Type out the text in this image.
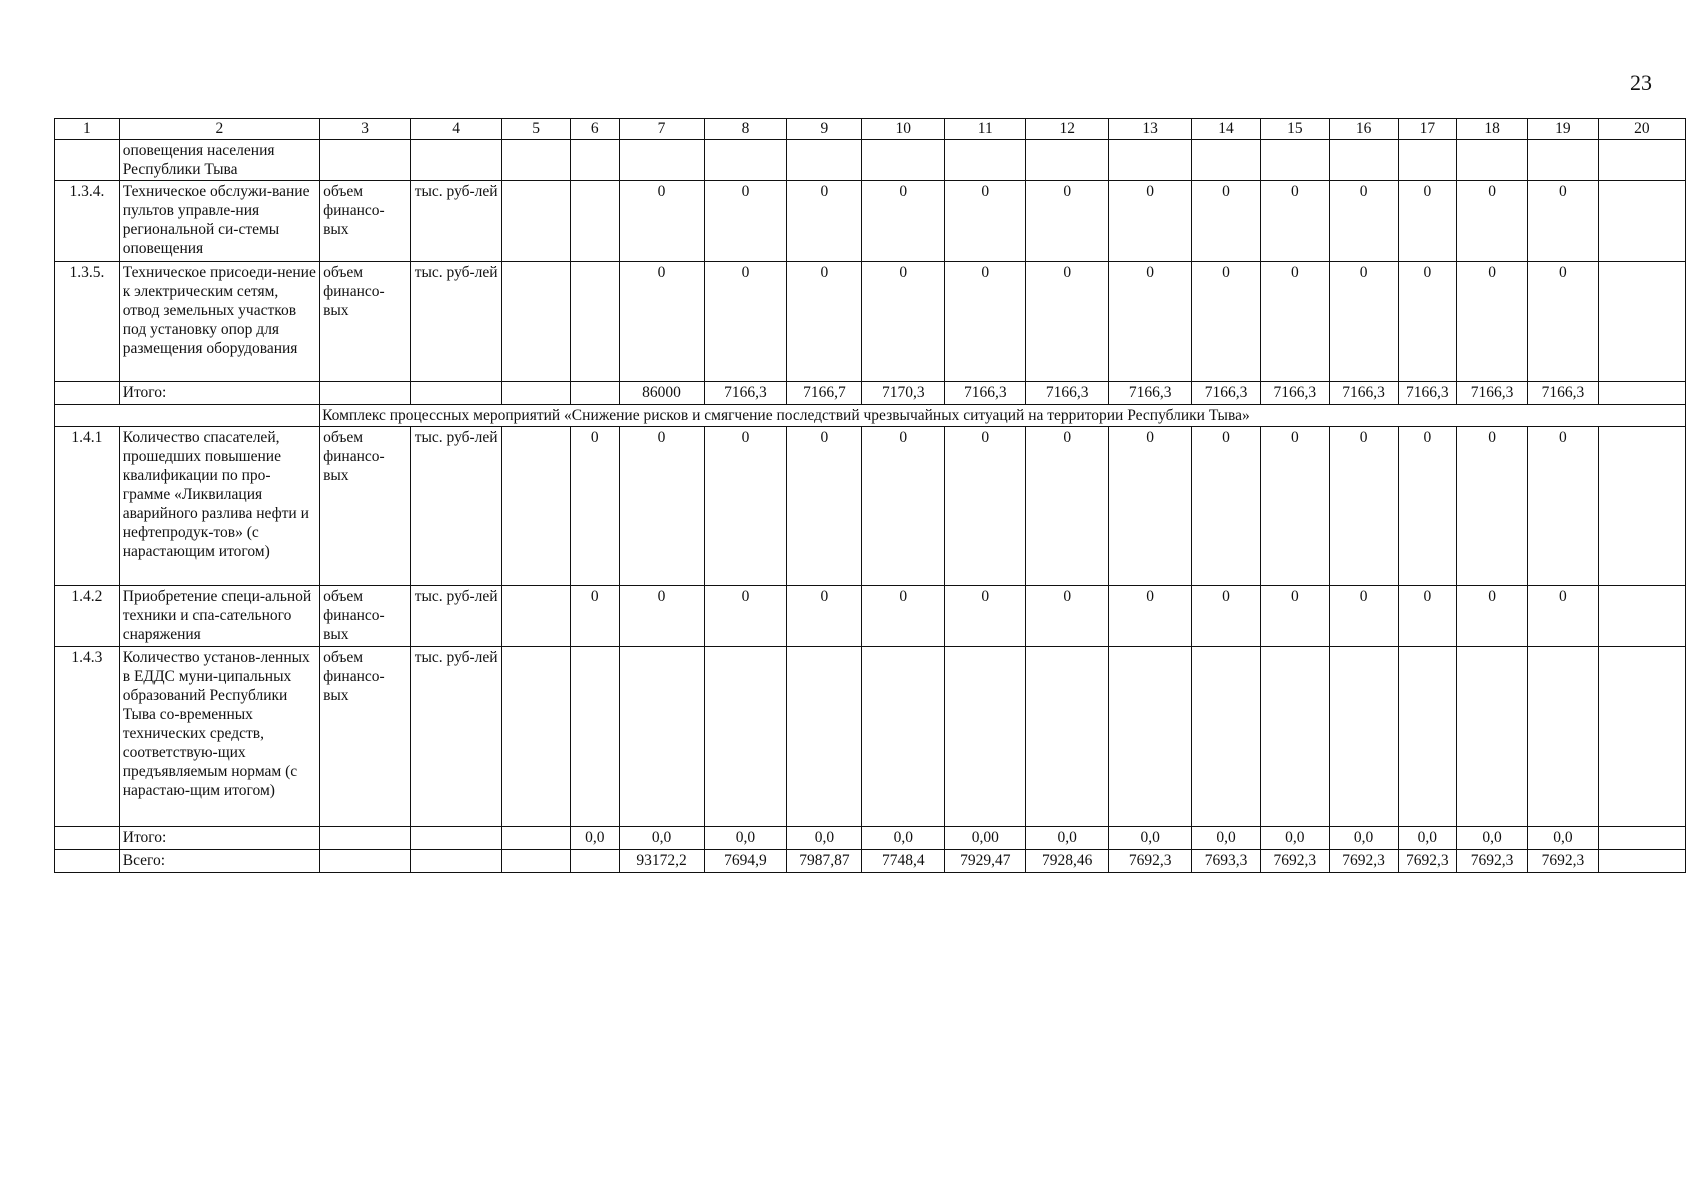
23
1	2	3	4	5	6	7	8	9	10	11	12	13	14	15	16	17	18	19	20
	оповещения населения Республики Тыва																		
1.3.4.	Техническое обслужи-вание пультов управле-ния региональной си-стемы оповещения	объем финансо-вых	тыс. руб-лей			0	0	0	0	0	0	0	0	0	0	0	0	0	
1.3.5.	Техническое присоеди-нение к электрическим сетям, отвод земельных участков под установку опор для размещения оборудования	объем финансо-вых	тыс. руб-лей			0	0	0	0	0	0	0	0	0	0	0	0	0	
	Итого:					86000	7166,3	7166,7	7170,3	7166,3	7166,3	7166,3	7166,3	7166,3	7166,3	7166,3	7166,3	7166,3	
		Комплекс процессных мероприятий «Снижение рисков и смягчение последствий чрезвычайных ситуаций на территории Республики Тыва»																	
1.4.1	Количество спасателей, прошедших повышение квалификации по про-грамме «Ликвилация аварийного разлива нефти и нефтепродук-тов» (с нарастающим итогом)	объем финансо-вых	тыс. руб-лей		0	0	0	0	0	0	0	0	0	0	0	0	0	0	
1.4.2	Приобретение специ-альной техники и спа-сательного снаряжения	объем финансо-вых	тыс. руб-лей		0	0	0	0	0	0	0	0	0	0	0	0	0	0	
1.4.3	Количество установ-ленных в ЕДДС муни-ципальных образований Республики Тыва со-временных технических средств, соответствую-щих предъявляемым нормам (с нарастаю-щим итогом)	объем финансо-вых	тыс. руб-лей																
	Итого:				0,0	0,0	0,0	0,0	0,0	0,00	0,0	0,0	0,0	0,0	0,0	0,0	0,0	0,0	
	Всего:					93172,2	7694,9	7987,87	7748,4	7929,47	7928,46	7692,3	7693,3	7692,3	7692,3	7692,3	7692,3	7692,3	
